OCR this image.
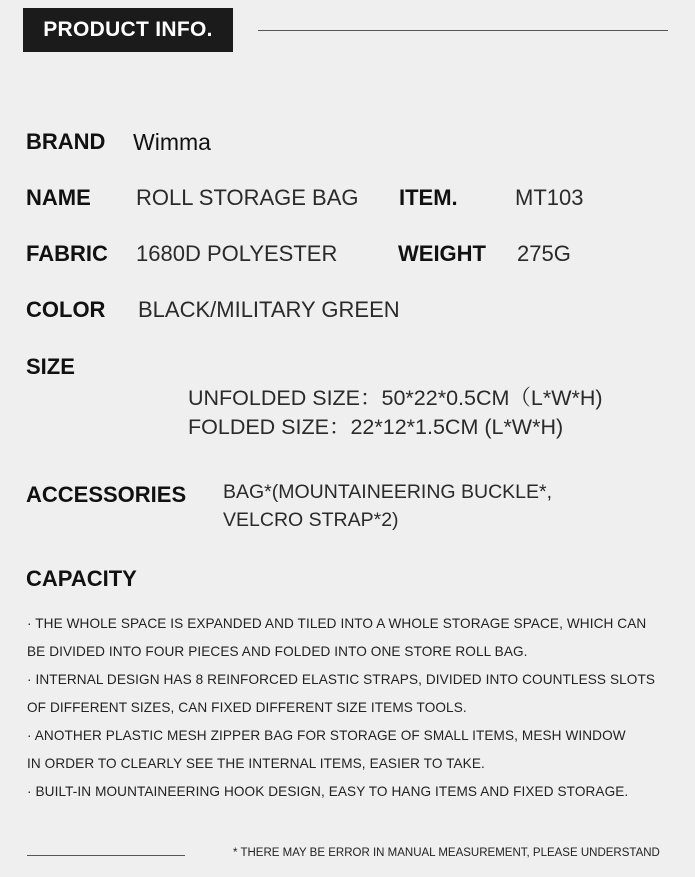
PRODUCT INFO.
BRAND Wimma
NAME ROLL STORAGE BAG ITEM.	MT103
FABRIC 1680D POLYESTER	WEIGHT 275G
COLOR BLACK/MILITARY GREEN
SIZE
UNFOLDED SIZE：50*22*0.5CM（L*W*H)
FOLDED SIZE：22*12*1.5CM (L*W*H)
ACCESSORIES BAG*(MOUNTAINEERING BUCKLE*,
VELCRO STRAP*2)
CAPACITY
· THE WHOLE SPACE IS EXPANDED AND TILED INTO A WHOLE STORAGE SPACE, WHICH CAN
BE DIVIDED INTO FOUR PIECES AND FOLDED INTO ONE STORE ROLL BAG.
· INTERNAL DESIGN HAS 8 REINFORCED ELASTIC STRAPS, DIVIDED INTO COUNTLESS SLOTS
OF DIFFERENT SIZES, CAN FIXED DIFFERENT SIZE ITEMS TOOLS.
· ANOTHER PLASTIC MESH ZIPPER BAG FOR STORAGE OF SMALL ITEMS, MESH WINDOW
IN ORDER TO CLEARLY SEE THE INTERNAL ITEMS, EASIER TO TAKE.
· BUILT-IN MOUNTAINEERING HOOK DESIGN, EASY TO HANG ITEMS AND FIXED STORAGE.
* THERE MAY BE ERROR IN MANUAL MEASUREMENT, PLEASE UNDERSTAND
